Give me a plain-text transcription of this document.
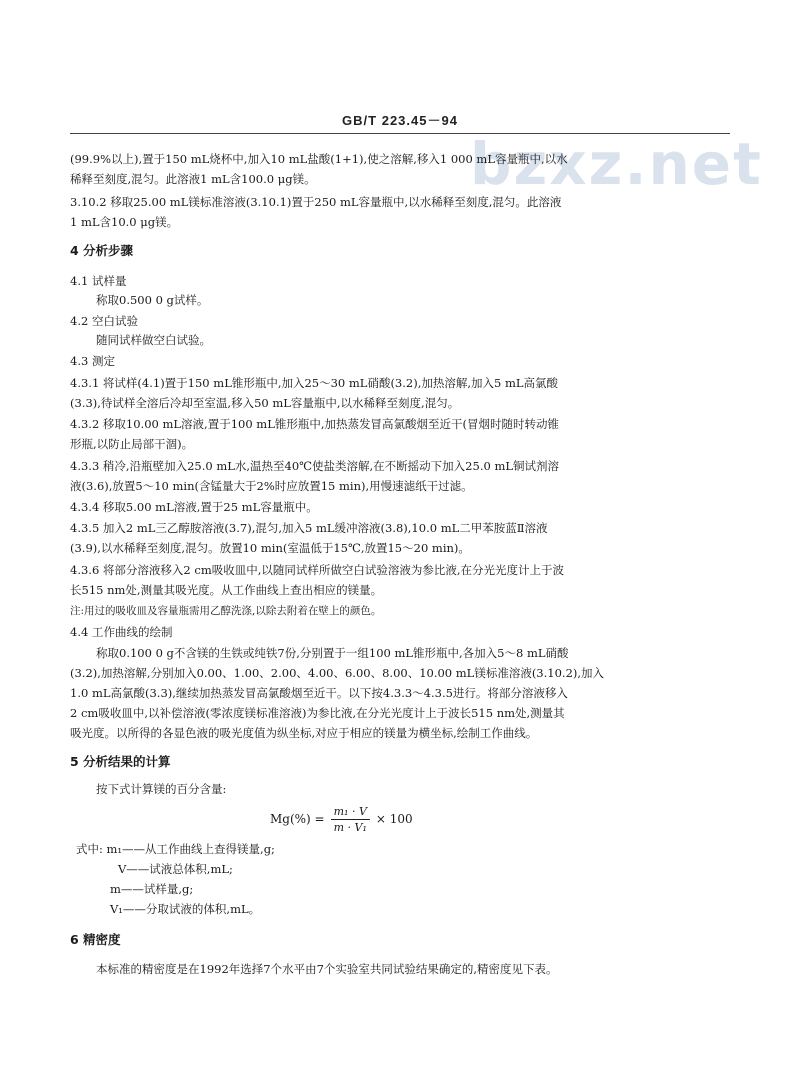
GB/T 223.45－94
bzxz.net
(99.9%以上),置于150 mL烧杯中,加入10 mL盐酸(1+1),使之溶解,移入1 000 mL容量瓶中,以水
稀释至刻度,混匀。此溶液1 mL含100.0 μg镁。
3.10.2 移取25.00 mL镁标准溶液(3.10.1)置于250 mL容量瓶中,以水稀释至刻度,混匀。此溶液
1 mL含10.0 μg镁。
4 分析步骤
4.1 试样量
称取0.500 0 g试样。
4.2 空白试验
随同试样做空白试验。
4.3 测定
4.3.1 将试样(4.1)置于150 mL锥形瓶中,加入25～30 mL硝酸(3.2),加热溶解,加入5 mL高氯酸
(3.3),待试样全溶后冷却至室温,移入50 mL容量瓶中,以水稀释至刻度,混匀。
4.3.2 移取10.00 mL溶液,置于100 mL锥形瓶中,加热蒸发冒高氯酸烟至近干(冒烟时随时转动锥
形瓶,以防止局部干涸)。
4.3.3 稍冷,沿瓶壁加入25.0 mL水,温热至40℃使盐类溶解,在不断摇动下加入25.0 mL铜试剂溶
液(3.6),放置5～10 min(含锰量大于2%时应放置15 min),用慢速滤纸干过滤。
4.3.4 移取5.00 mL溶液,置于25 mL容量瓶中。
4.3.5 加入2 mL三乙醇胺溶液(3.7),混匀,加入5 mL缓冲溶液(3.8),10.0 mL二甲苯胺蓝Ⅱ溶液
(3.9),以水稀释至刻度,混匀。放置10 min(室温低于15℃,放置15～20 min)。
4.3.6 将部分溶液移入2 cm吸收皿中,以随同试样所做空白试验溶液为参比液,在分光光度计上于波
长515 nm处,测量其吸光度。从工作曲线上查出相应的镁量。
注:用过的吸收皿及容量瓶需用乙醇洗涤,以除去附着在壁上的颜色。
4.4 工作曲线的绘制
称取0.100 0 g不含镁的生铁或纯铁7份,分别置于一组100 mL锥形瓶中,各加入5～8 mL硝酸
(3.2),加热溶解,分别加入0.00、1.00、2.00、4.00、6.00、8.00、10.00 mL镁标准溶液(3.10.2),加入
1.0 mL高氯酸(3.3),继续加热蒸发冒高氯酸烟至近干。以下按4.3.3～4.3.5进行。将部分溶液移入
2 cm吸收皿中,以补偿溶液(零浓度镁标准溶液)为参比液,在分光光度计上于波长515 nm处,测量其
吸光度。以所得的各显色液的吸光度值为纵坐标,对应于相应的镁量为横坐标,绘制工作曲线。
5 分析结果的计算
按下式计算镁的百分含量:
$Mg(\%) = \frac{\text{m₁ · V}}{\text{m · V₁}} \times 100$
式中: m₁——从工作曲线上查得镁量,g;
V——试液总体积,mL;
m——试样量,g;
V₁——分取试液的体积,mL。
6 精密度
本标准的精密度是在1992年选择7个水平由7个实验室共同试验结果确定的,精密度见下表。
